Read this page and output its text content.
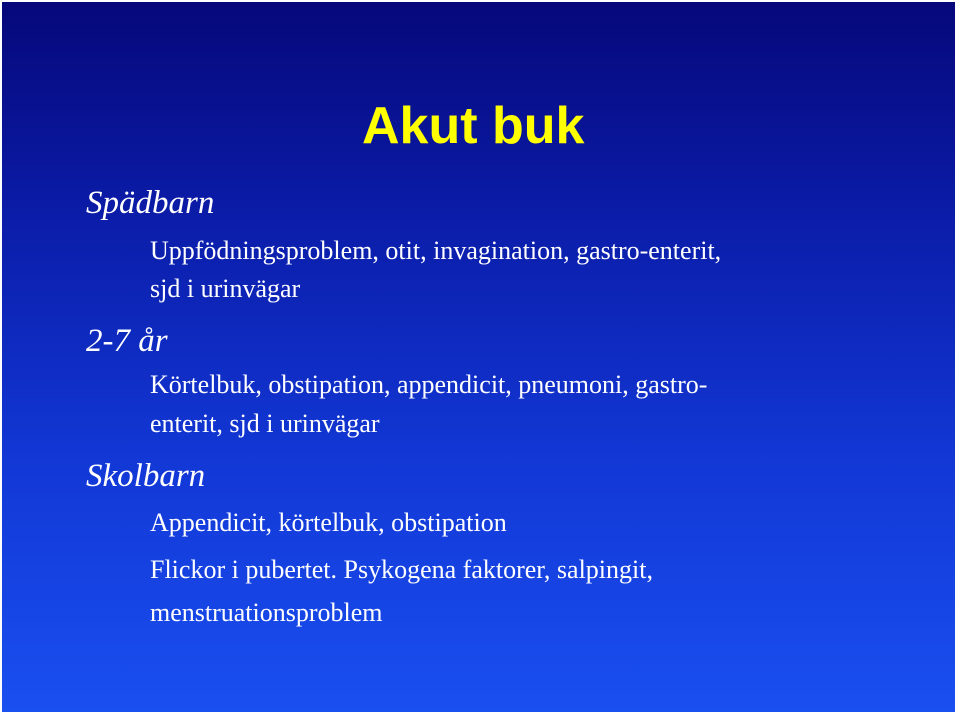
Akut buk
Spädbarn
Uppfödningsproblem, otit, invagination, gastro-enterit,
sjd i urinvägar
2-7 år
Körtelbuk, obstipation, appendicit, pneumoni, gastro-
enterit, sjd i urinvägar
Skolbarn
Appendicit, körtelbuk, obstipation
Flickor i pubertet. Psykogena faktorer, salpingit,
menstruationsproblem
